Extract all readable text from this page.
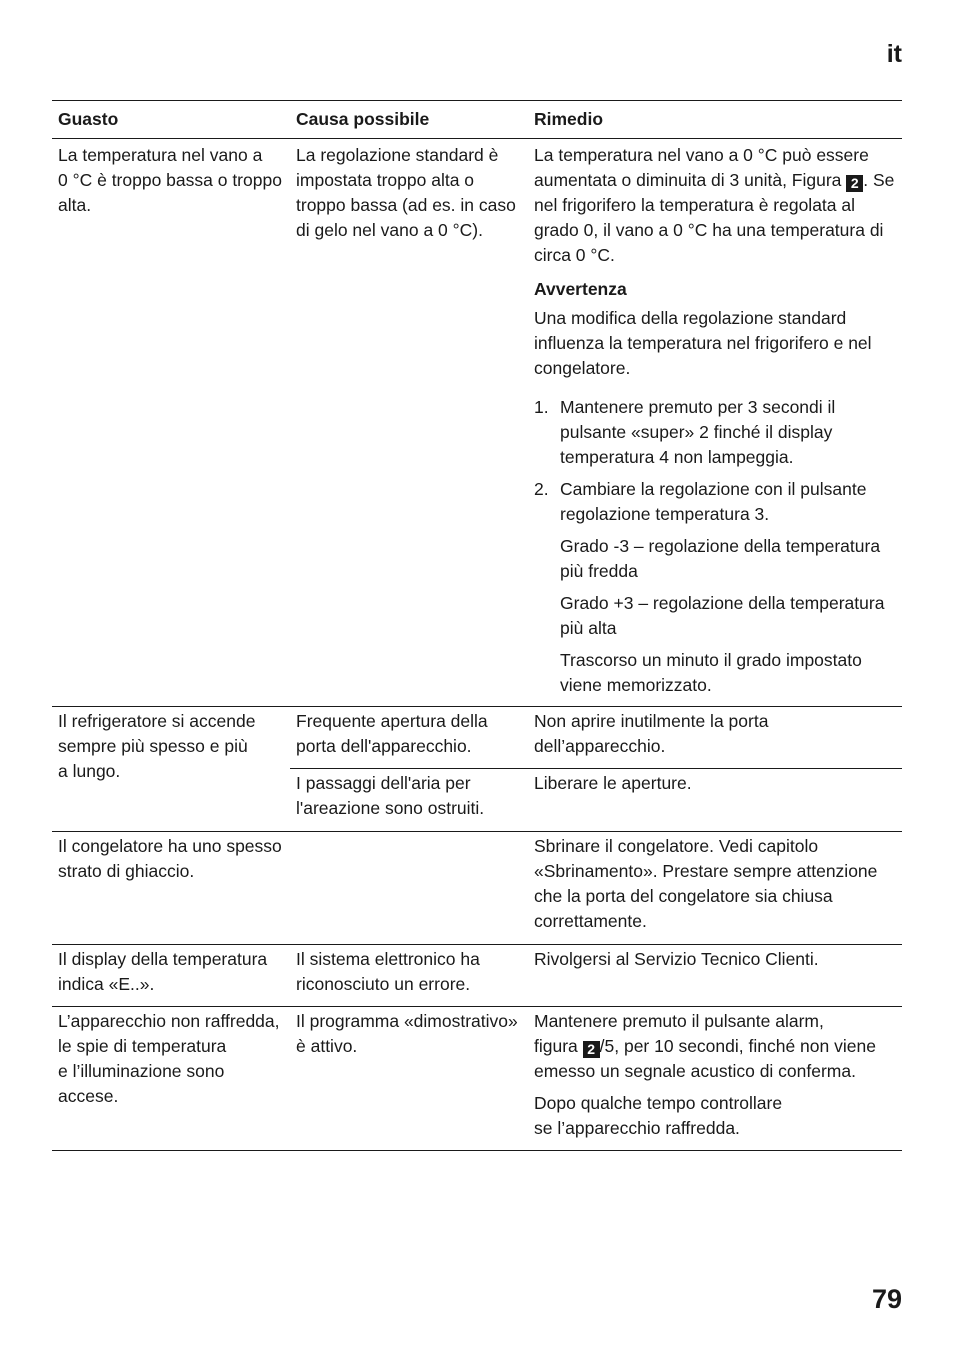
it
Guasto	Causa possibile	Rimedio
La temperatura nel vano a
0 °C è troppo bassa o troppo
alta.
La regolazione standard è
impostata troppo alta o
troppo bassa (ad es. in caso
di gelo nel vano a 0 °C).
La temperatura nel vano a 0 °C può essere
aumentata o diminuita di 3 unità, Figura 2 . Se
nel frigorifero la temperatura è regolata al
grado 0, il vano a 0 °C ha una temperatura di
circa 0 °C.
Avvertenza
Una modifica della regolazione standard
influenza la temperatura nel frigorifero e nel
congelatore.
1. Mantenere premuto per 3 secondi il
pulsante «super» 2 finché il display
temperatura 4 non lampeggia.
2. Cambiare la regolazione con il pulsante
regolazione temperatura 3.
Grado -3 – regolazione della temperatura
più fredda
Grado +3 – regolazione della temperatura
più alta
Trascorso un minuto il grado impostato
viene memorizzato.
Il refrigeratore si accende
sempre più spesso e più
a lungo.
Frequente apertura della
porta dell'apparecchio.
Non aprire inutilmente la porta
dell’apparecchio.
I passaggi dell'aria per
l'areazione sono ostruiti.
Liberare le aperture.
Il congelatore ha uno spesso
strato di ghiaccio.
Sbrinare il congelatore. Vedi capitolo
«Sbrinamento». Prestare sempre attenzione
che la porta del congelatore sia chiusa
correttamente.
Il display della temperatura
indica «E..».
Il sistema elettronico ha
riconosciuto un errore.
Rivolgersi al Servizio Tecnico Clienti.
L’apparecchio non raffredda,
le spie di temperatura
e l’illuminazione sono
accese.
Il programma «dimostrativo»
è attivo.
Mantenere premuto il pulsante alarm,
figura 2 /5, per 10 secondi, finché non viene
emesso un segnale acustico di conferma.
Dopo qualche tempo controllare
se l’apparecchio raffredda.
79
